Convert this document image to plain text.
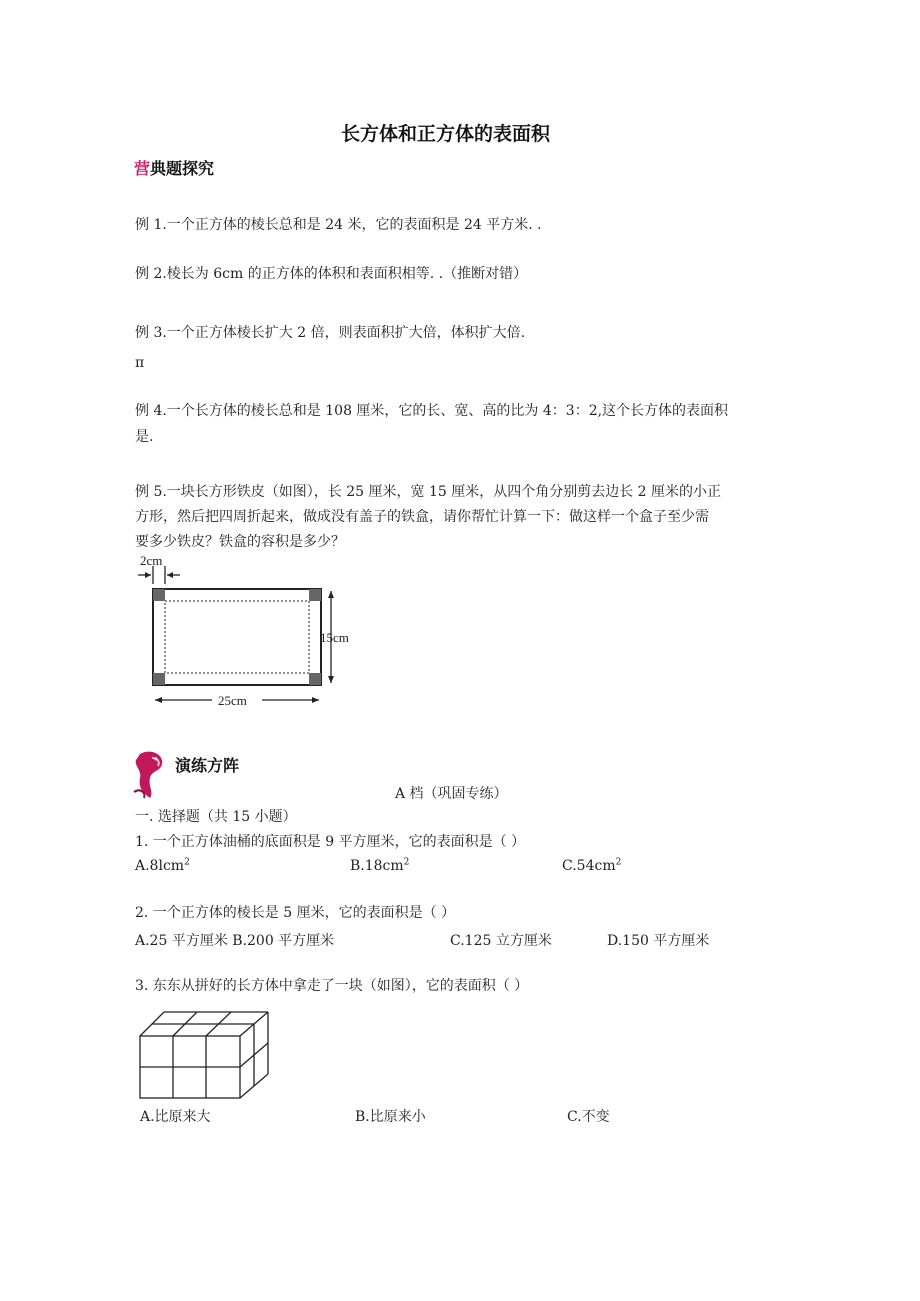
长方体和正方体的表面积
营典题探究
例 1.一个正方体的棱长总和是 24 米，它的表面积是 24 平方米. .
例 2.棱长为 6cm 的正方体的体积和表面积相等. .（推断对错）
例 3.一个正方体棱长扩大 2 倍，则表面积扩大倍，体积扩大倍.
π
例 4.一个长方体的棱长总和是 108 厘米，它的长、宽、高的比为 4：3：2,这个长方体的表面积
是.
例 5.一块长方形铁皮（如图），长 25 厘米，宽 15 厘米，从四个角分别剪去边长 2 厘米的小正
方形，然后把四周折起来，做成没有盖子的铁盒，请你帮忙计算一下：做这样一个盒子至少需
要多少铁皮？铁盒的容积是多少？
2cm
15cm
25cm
演练方阵
A 档（巩固专练）
一. 选择题（共 15 小题）
1. 一个正方体油桶的底面积是 9 平方厘米，它的表面积是（ ）
A.8lcm$^2$	$B.18cm^2$	$C.54cm^2$
2. 一个正方体的棱长是 5 厘米，它的表面积是（ ）
A.25 平方厘米 B.200 平方厘米	C.125 立方厘米	D.150 平方厘米
3. 东东从拼好的长方体中拿走了一块（如图），它的表面积（ ）
A.比原来大	B.比原来小	C.不变
